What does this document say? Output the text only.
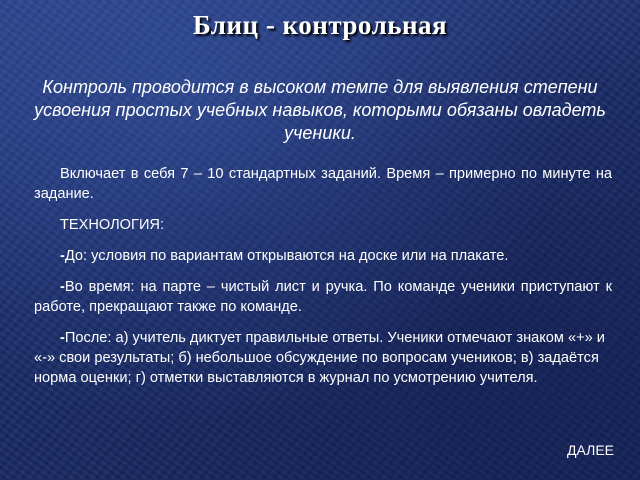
Блиц - контрольная
Контроль проводится в высоком темпе для выявления степени усвоения простых учебных навыков, которыми обязаны овладеть ученики.

Включает в себя 7 – 10 стандартных заданий. Время – примерно по минуте на задание.

ТЕХНОЛОГИЯ:

-До: условия по вариантам открываются на доске или на плакате.

-Во время: на парте – чистый лист и ручка. По команде ученики приступают к работе, прекращают также по команде.

-После: а) учитель диктует правильные ответы. Ученики отмечают знаком «+» и «-» свои результаты; б) небольшое обсуждение по вопросам учеников; в) задаётся норма оценки; г) отметки выставляются в журнал по усмотрению учителя.

ДАЛЕЕ
